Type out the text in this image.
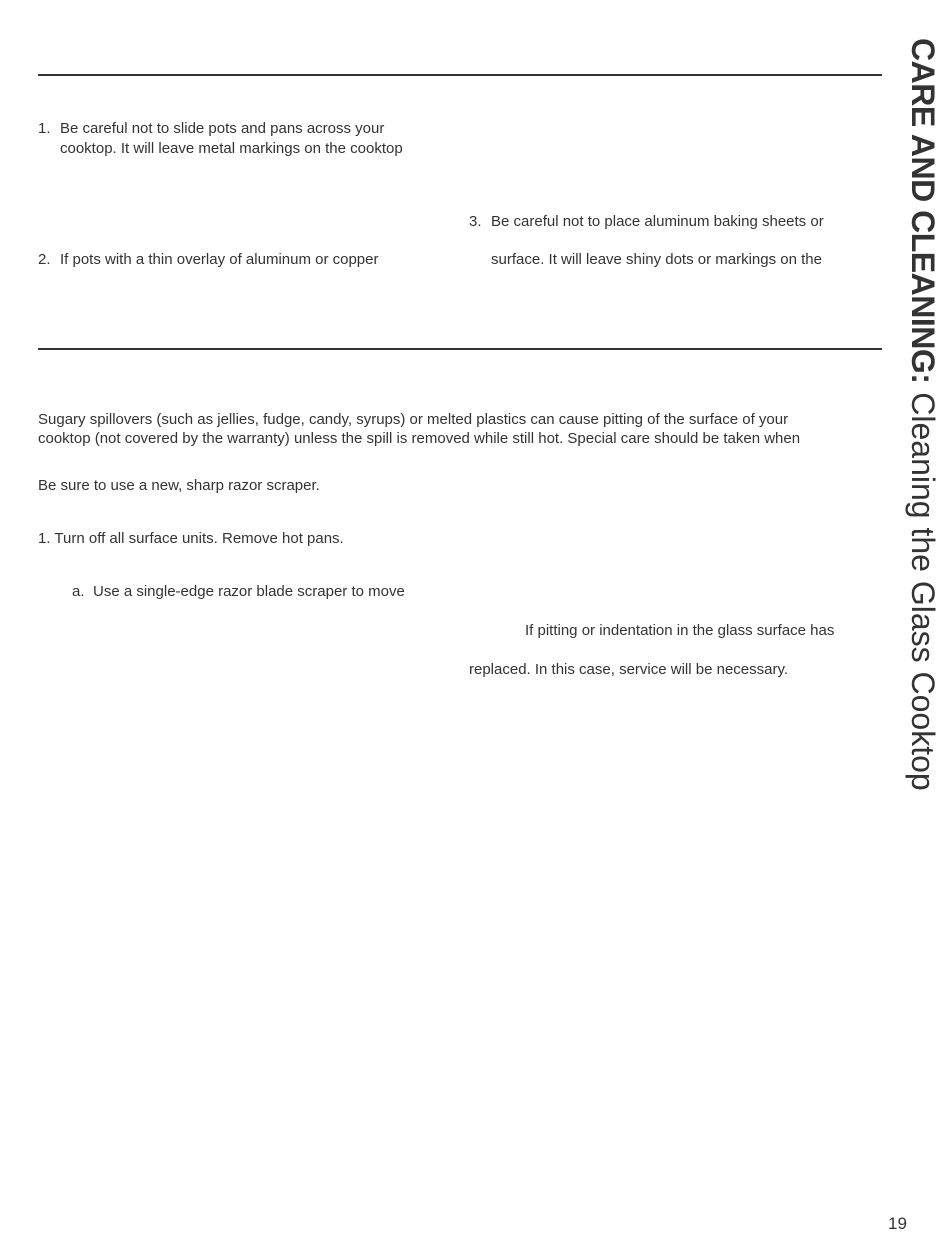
CARE AND CLEANING: Cleaning the Glass Cooktop
1. Be careful not to slide pots and pans across your
cooktop. It will leave metal markings on the cooktop
2. If pots with a thin overlay of aluminum or copper
3. Be careful not to place aluminum baking sheets or
surface. It will leave shiny dots or markings on the
Sugary spillovers (such as jellies, fudge, candy, syrups) or melted plastics can cause pitting of the surface of your
cooktop (not covered by the warranty) unless the spill is removed while still hot. Special care should be taken when
Be sure to use a new, sharp razor scraper.
1. Turn off all surface units. Remove hot pans.
a. Use a single-edge razor blade scraper to move
If pitting or indentation in the glass surface has
replaced. In this case, service will be necessary.
19
